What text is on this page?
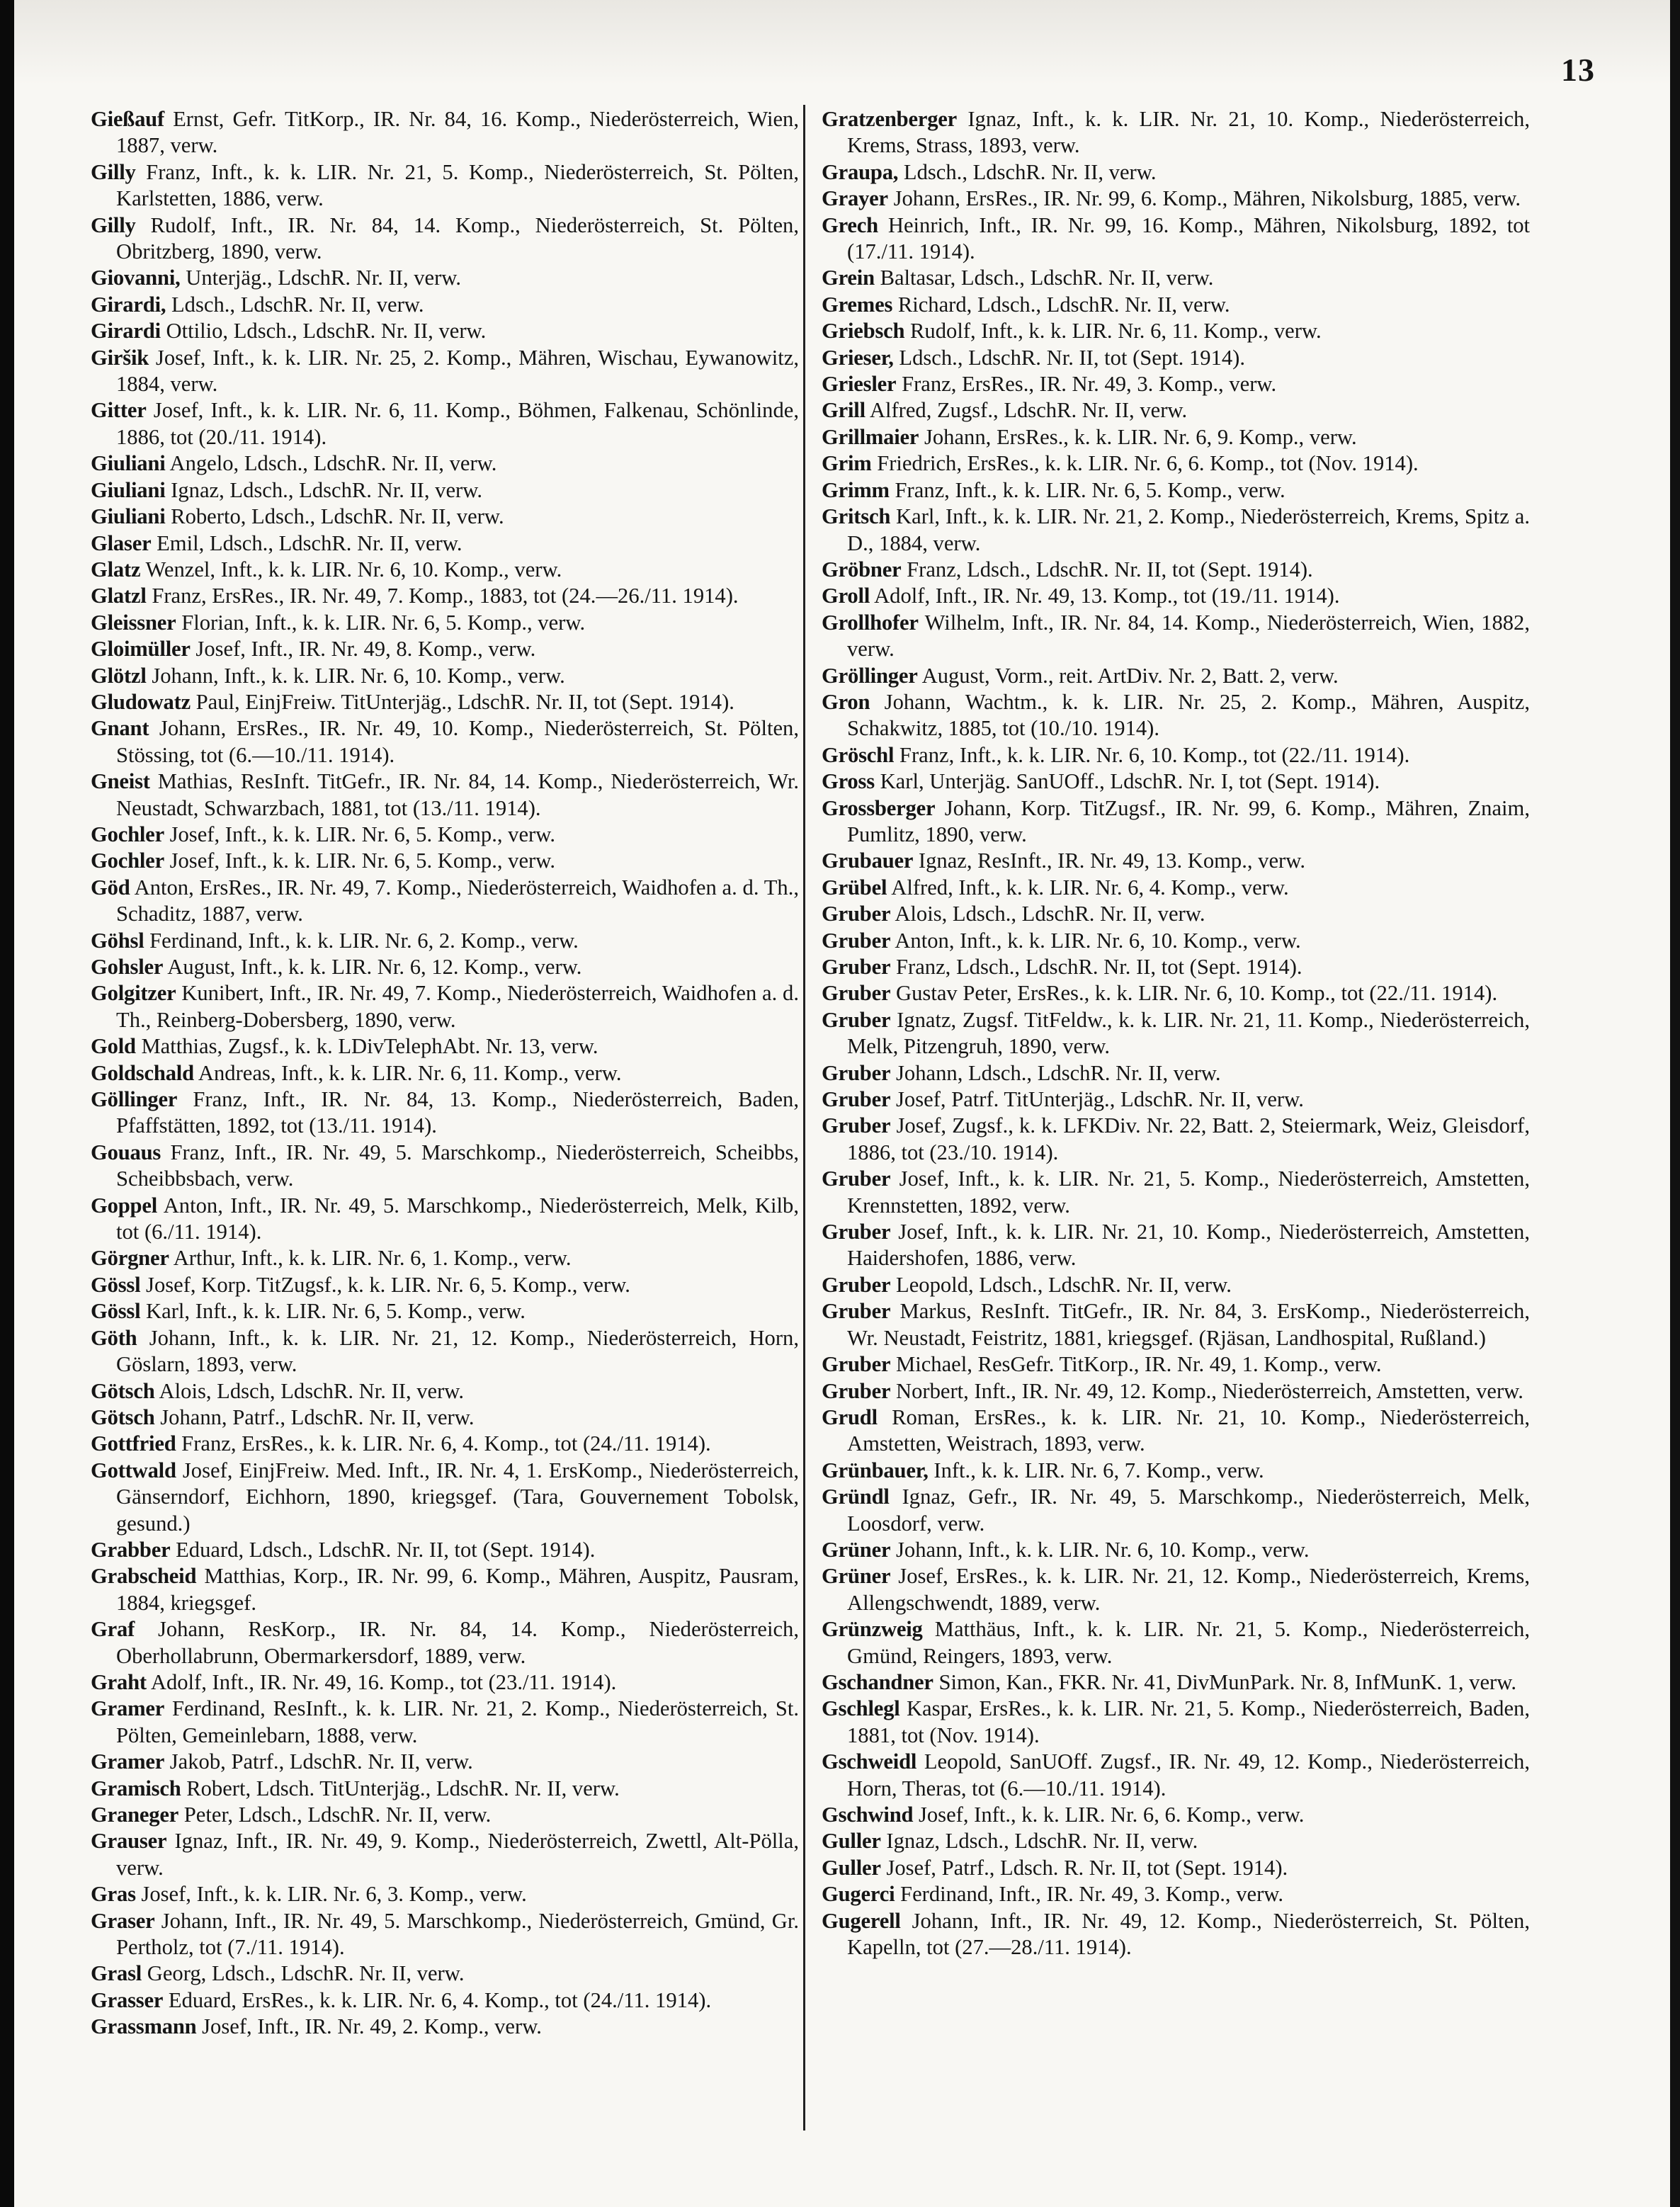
13
Gießauf Ernst, Gefr. TitKorp., IR. Nr. 84, 16. Komp., Niederösterreich, Wien, 1887, verw.
Gilly Franz, Inft., k. k. LIR. Nr. 21, 5. Komp., Niederösterreich, St. Pölten, Karlstetten, 1886, verw.
Gilly Rudolf, Inft., IR. Nr. 84, 14. Komp., Niederösterreich, St. Pölten, Obritzberg, 1890, verw.
Giovanni, Unterjäg., LdschR. Nr. II, verw.
Girardi, Ldsch., LdschR. Nr. II, verw.
Girardi Ottilio, Ldsch., LdschR. Nr. II, verw.
Giršik Josef, Inft., k. k. LIR. Nr. 25, 2. Komp., Mähren, Wischau, Eywanowitz, 1884, verw.
Gitter Josef, Inft., k. k. LIR. Nr. 6, 11. Komp., Böhmen, Falkenau, Schönlinde, 1886, tot (20./11. 1914).
Giuliani Angelo, Ldsch., LdschR. Nr. II, verw.
Giuliani Ignaz, Ldsch., LdschR. Nr. II, verw.
Giuliani Roberto, Ldsch., LdschR. Nr. II, verw.
Glaser Emil, Ldsch., LdschR. Nr. II, verw.
Glatz Wenzel, Inft., k. k. LIR. Nr. 6, 10. Komp., verw.
Glatzl Franz, ErsRes., IR. Nr. 49, 7. Komp., 1883, tot (24.—26./11. 1914).
Gleissner Florian, Inft., k. k. LIR. Nr. 6, 5. Komp., verw.
Gloimüller Josef, Inft., IR. Nr. 49, 8. Komp., verw.
Glötzl Johann, Inft., k. k. LIR. Nr. 6, 10. Komp., verw.
Gludowatz Paul, EinjFreiw. TitUnterjäg., LdschR. Nr. II, tot (Sept. 1914).
Gnant Johann, ErsRes., IR. Nr. 49, 10. Komp., Niederösterreich, St. Pölten, Stössing, tot (6.—10./11. 1914).
Gneist Mathias, ResInft. TitGefr., IR. Nr. 84, 14. Komp., Niederösterreich, Wr. Neustadt, Schwarzbach, 1881, tot (13./11. 1914).
Gochler Josef, Inft., k. k. LIR. Nr. 6, 5. Komp., verw.
Gochler Josef, Inft., k. k. LIR. Nr. 6, 5. Komp., verw.
Göd Anton, ErsRes., IR. Nr. 49, 7. Komp., Niederösterreich, Waidhofen a. d. Th., Schaditz, 1887, verw.
Göhsl Ferdinand, Inft., k. k. LIR. Nr. 6, 2. Komp., verw.
Gohsler August, Inft., k. k. LIR. Nr. 6, 12. Komp., verw.
Golgitzer Kunibert, Inft., IR. Nr. 49, 7. Komp., Niederösterreich, Waidhofen a. d. Th., Reinberg-Dobersberg, 1890, verw.
Gold Matthias, Zugsf., k. k. LDivTelephAbt. Nr. 13, verw.
Goldschald Andreas, Inft., k. k. LIR. Nr. 6, 11. Komp., verw.
Göllinger Franz, Inft., IR. Nr. 84, 13. Komp., Niederösterreich, Baden, Pfaffstätten, 1892, tot (13./11. 1914).
Gouaus Franz, Inft., IR. Nr. 49, 5. Marschkomp., Niederösterreich, Scheibbs, Scheibbsbach, verw.
Goppel Anton, Inft., IR. Nr. 49, 5. Marschkomp., Niederösterreich, Melk, Kilb, tot (6./11. 1914).
Görgner Arthur, Inft., k. k. LIR. Nr. 6, 1. Komp., verw.
Gössl Josef, Korp. TitZugsf., k. k. LIR. Nr. 6, 5. Komp., verw.
Gössl Karl, Inft., k. k. LIR. Nr. 6, 5. Komp., verw.
Göth Johann, Inft., k. k. LIR. Nr. 21, 12. Komp., Niederösterreich, Horn, Göslarn, 1893, verw.
Götsch Alois, Ldsch, LdschR. Nr. II, verw.
Götsch Johann, Patrf., LdschR. Nr. II, verw.
Gottfried Franz, ErsRes., k. k. LIR. Nr. 6, 4. Komp., tot (24./11. 1914).
Gottwald Josef, EinjFreiw. Med. Inft., IR. Nr. 4, 1. ErsKomp., Niederösterreich, Gänserndorf, Eichhorn, 1890, kriegsgef. (Tara, Gouvernement Tobolsk, gesund.)
Grabber Eduard, Ldsch., LdschR. Nr. II, tot (Sept. 1914).
Grabscheid Matthias, Korp., IR. Nr. 99, 6. Komp., Mähren, Auspitz, Pausram, 1884, kriegsgef.
Graf Johann, ResKorp., IR. Nr. 84, 14. Komp., Niederösterreich, Oberhollabrunn, Obermarkersdorf, 1889, verw.
Graht Adolf, Inft., IR. Nr. 49, 16. Komp., tot (23./11. 1914).
Gramer Ferdinand, ResInft., k. k. LIR. Nr. 21, 2. Komp., Niederösterreich, St. Pölten, Gemeinlebarn, 1888, verw.
Gramer Jakob, Patrf., LdschR. Nr. II, verw.
Gramisch Robert, Ldsch. TitUnterjäg., LdschR. Nr. II, verw.
Graneger Peter, Ldsch., LdschR. Nr. II, verw.
Grauser Ignaz, Inft., IR. Nr. 49, 9. Komp., Niederösterreich, Zwettl, Alt-Pölla, verw.
Gras Josef, Inft., k. k. LIR. Nr. 6, 3. Komp., verw.
Graser Johann, Inft., IR. Nr. 49, 5. Marschkomp., Niederösterreich, Gmünd, Gr. Pertholz, tot (7./11. 1914).
Grasl Georg, Ldsch., LdschR. Nr. II, verw.
Grasser Eduard, ErsRes., k. k. LIR. Nr. 6, 4. Komp., tot (24./11. 1914).
Grassmann Josef, Inft., IR. Nr. 49, 2. Komp., verw.
Gratzenberger Ignaz, Inft., k. k. LIR. Nr. 21, 10. Komp., Niederösterreich, Krems, Strass, 1893, verw.
Graupa, Ldsch., LdschR. Nr. II, verw.
Grayer Johann, ErsRes., IR. Nr. 99, 6. Komp., Mähren, Nikolsburg, 1885, verw.
Grech Heinrich, Inft., IR. Nr. 99, 16. Komp., Mähren, Nikolsburg, 1892, tot (17./11. 1914).
Grein Baltasar, Ldsch., LdschR. Nr. II, verw.
Gremes Richard, Ldsch., LdschR. Nr. II, verw.
Griebsch Rudolf, Inft., k. k. LIR. Nr. 6, 11. Komp., verw.
Grieser, Ldsch., LdschR. Nr. II, tot (Sept. 1914).
Griesler Franz, ErsRes., IR. Nr. 49, 3. Komp., verw.
Grill Alfred, Zugsf., LdschR. Nr. II, verw.
Grillmaier Johann, ErsRes., k. k. LIR. Nr. 6, 9. Komp., verw.
Grim Friedrich, ErsRes., k. k. LIR. Nr. 6, 6. Komp., tot (Nov. 1914).
Grimm Franz, Inft., k. k. LIR. Nr. 6, 5. Komp., verw.
Gritsch Karl, Inft., k. k. LIR. Nr. 21, 2. Komp., Niederösterreich, Krems, Spitz a. D., 1884, verw.
Gröbner Franz, Ldsch., LdschR. Nr. II, tot (Sept. 1914).
Groll Adolf, Inft., IR. Nr. 49, 13. Komp., tot (19./11. 1914).
Grollhofer Wilhelm, Inft., IR. Nr. 84, 14. Komp., Niederösterreich, Wien, 1882, verw.
Gröllinger August, Vorm., reit. ArtDiv. Nr. 2, Batt. 2, verw.
Gron Johann, Wachtm., k. k. LIR. Nr. 25, 2. Komp., Mähren, Auspitz, Schakwitz, 1885, tot (10./10. 1914).
Gröschl Franz, Inft., k. k. LIR. Nr. 6, 10. Komp., tot (22./11. 1914).
Gross Karl, Unterjäg. SanUOff., LdschR. Nr. I, tot (Sept. 1914).
Grossberger Johann, Korp. TitZugsf., IR. Nr. 99, 6. Komp., Mähren, Znaim, Pumlitz, 1890, verw.
Grubauer Ignaz, ResInft., IR. Nr. 49, 13. Komp., verw.
Grübel Alfred, Inft., k. k. LIR. Nr. 6, 4. Komp., verw.
Gruber Alois, Ldsch., LdschR. Nr. II, verw.
Gruber Anton, Inft., k. k. LIR. Nr. 6, 10. Komp., verw.
Gruber Franz, Ldsch., LdschR. Nr. II, tot (Sept. 1914).
Gruber Gustav Peter, ErsRes., k. k. LIR. Nr. 6, 10. Komp., tot (22./11. 1914).
Gruber Ignatz, Zugsf. TitFeldw., k. k. LIR. Nr. 21, 11. Komp., Niederösterreich, Melk, Pitzengruh, 1890, verw.
Gruber Johann, Ldsch., LdschR. Nr. II, verw.
Gruber Josef, Patrf. TitUnterjäg., LdschR. Nr. II, verw.
Gruber Josef, Zugsf., k. k. LFKDiv. Nr. 22, Batt. 2, Steiermark, Weiz, Gleisdorf, 1886, tot (23./10. 1914).
Gruber Josef, Inft., k. k. LIR. Nr. 21, 5. Komp., Niederösterreich, Amstetten, Krennstetten, 1892, verw.
Gruber Josef, Inft., k. k. LIR. Nr. 21, 10. Komp., Niederösterreich, Amstetten, Haidershofen, 1886, verw.
Gruber Leopold, Ldsch., LdschR. Nr. II, verw.
Gruber Markus, ResInft. TitGefr., IR. Nr. 84, 3. ErsKomp., Niederösterreich, Wr. Neustadt, Feistritz, 1881, kriegsgef. (Rjäsan, Landhospital, Rußland.)
Gruber Michael, ResGefr. TitKorp., IR. Nr. 49, 1. Komp., verw.
Gruber Norbert, Inft., IR. Nr. 49, 12. Komp., Niederösterreich, Amstetten, verw.
Grudl Roman, ErsRes., k. k. LIR. Nr. 21, 10. Komp., Niederösterreich, Amstetten, Weistrach, 1893, verw.
Grünbauer, Inft., k. k. LIR. Nr. 6, 7. Komp., verw.
Gründl Ignaz, Gefr., IR. Nr. 49, 5. Marschkomp., Niederösterreich, Melk, Loosdorf, verw.
Grüner Johann, Inft., k. k. LIR. Nr. 6, 10. Komp., verw.
Grüner Josef, ErsRes., k. k. LIR. Nr. 21, 12. Komp., Niederösterreich, Krems, Allengschwendt, 1889, verw.
Grünzweig Matthäus, Inft., k. k. LIR. Nr. 21, 5. Komp., Niederösterreich, Gmünd, Reingers, 1893, verw.
Gschandner Simon, Kan., FKR. Nr. 41, DivMunPark. Nr. 8, InfMunK. 1, verw.
Gschlegl Kaspar, ErsRes., k. k. LIR. Nr. 21, 5. Komp., Niederösterreich, Baden, 1881, tot (Nov. 1914).
Gschweidl Leopold, SanUOff. Zugsf., IR. Nr. 49, 12. Komp., Niederösterreich, Horn, Theras, tot (6.—10./11. 1914).
Gschwind Josef, Inft., k. k. LIR. Nr. 6, 6. Komp., verw.
Guller Ignaz, Ldsch., LdschR. Nr. II, verw.
Guller Josef, Patrf., Ldsch. R. Nr. II, tot (Sept. 1914).
Gugerci Ferdinand, Inft., IR. Nr. 49, 3. Komp., verw.
Gugerell Johann, Inft., IR. Nr. 49, 12. Komp., Niederösterreich, St. Pölten, Kapelln, tot (27.—28./11. 1914).
